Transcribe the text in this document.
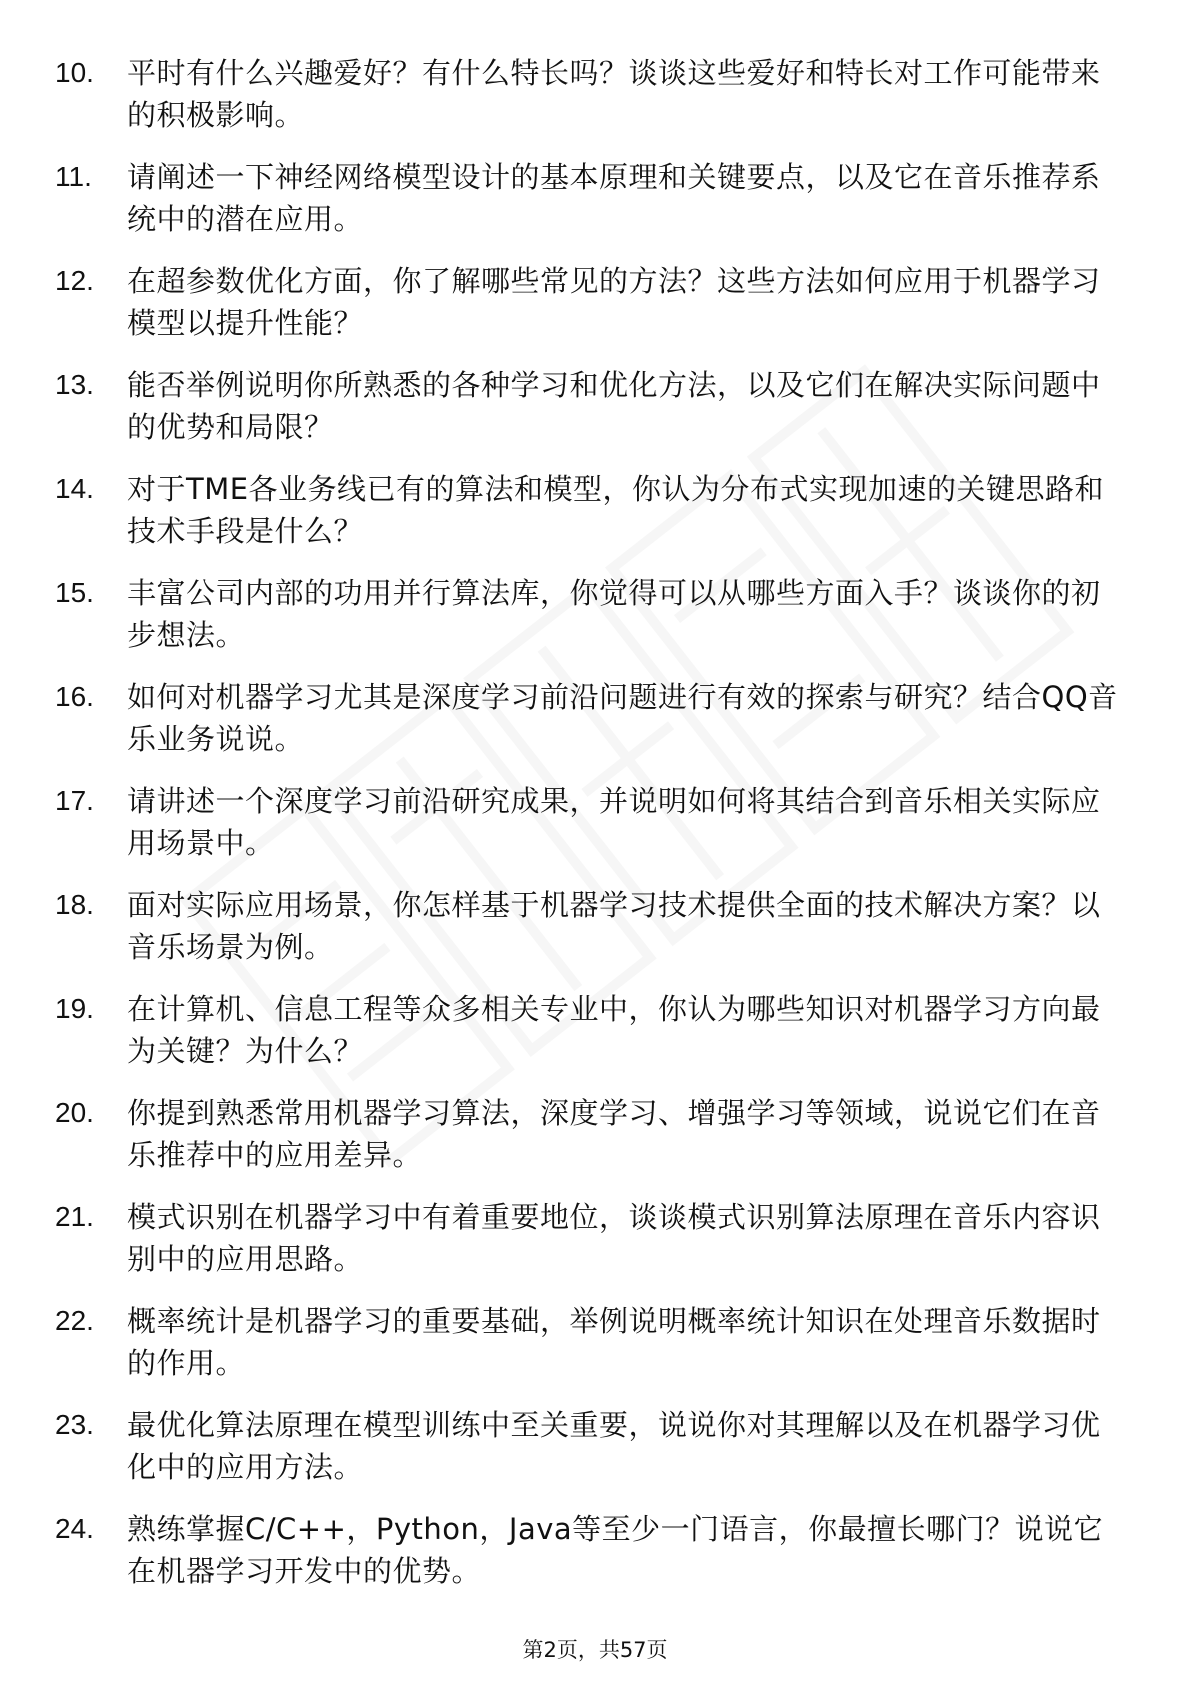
10. 平时有什么兴趣爱好？有什么特长吗？谈谈这些爱好和特长对工作可能带来的积极影响。
11. 请阐述一下神经网络模型设计的基本原理和关键要点，以及它在音乐推荐系统中的潜在应用。
12. 在超参数优化方面，你了解哪些常见的方法？这些方法如何应用于机器学习模型以提升性能？
13. 能否举例说明你所熟悉的各种学习和优化方法，以及它们在解决实际问题中的优势和局限？
14. 对于TME各业务线已有的算法和模型，你认为分布式实现加速的关键思路和技术手段是什么？
15. 丰富公司内部的功用并行算法库，你觉得可以从哪些方面入手？谈谈你的初步想法。
16. 如何对机器学习尤其是深度学习前沿问题进行有效的探索与研究？结合QQ音乐业务说说。
17. 请讲述一个深度学习前沿研究成果，并说明如何将其结合到音乐相关实际应用场景中。
18. 面对实际应用场景，你怎样基于机器学习技术提供全面的技术解决方案？以音乐场景为例。
19. 在计算机、信息工程等众多相关专业中，你认为哪些知识对机器学习方向最为关键？为什么？
20. 你提到熟悉常用机器学习算法，深度学习、增强学习等领域，说说它们在音乐推荐中的应用差异。
21. 模式识别在机器学习中有着重要地位，谈谈模式识别算法原理在音乐内容识别中的应用思路。
22. 概率统计是机器学习的重要基础，举例说明概率统计知识在处理音乐数据时的作用。
23. 最优化算法原理在模型训练中至关重要，说说你对其理解以及在机器学习优化中的应用方法。
24. 熟练掌握C/C++，Python，Java等至少一门语言，你最擅长哪门？说说它在机器学习开发中的优势。
第2页，共57页
